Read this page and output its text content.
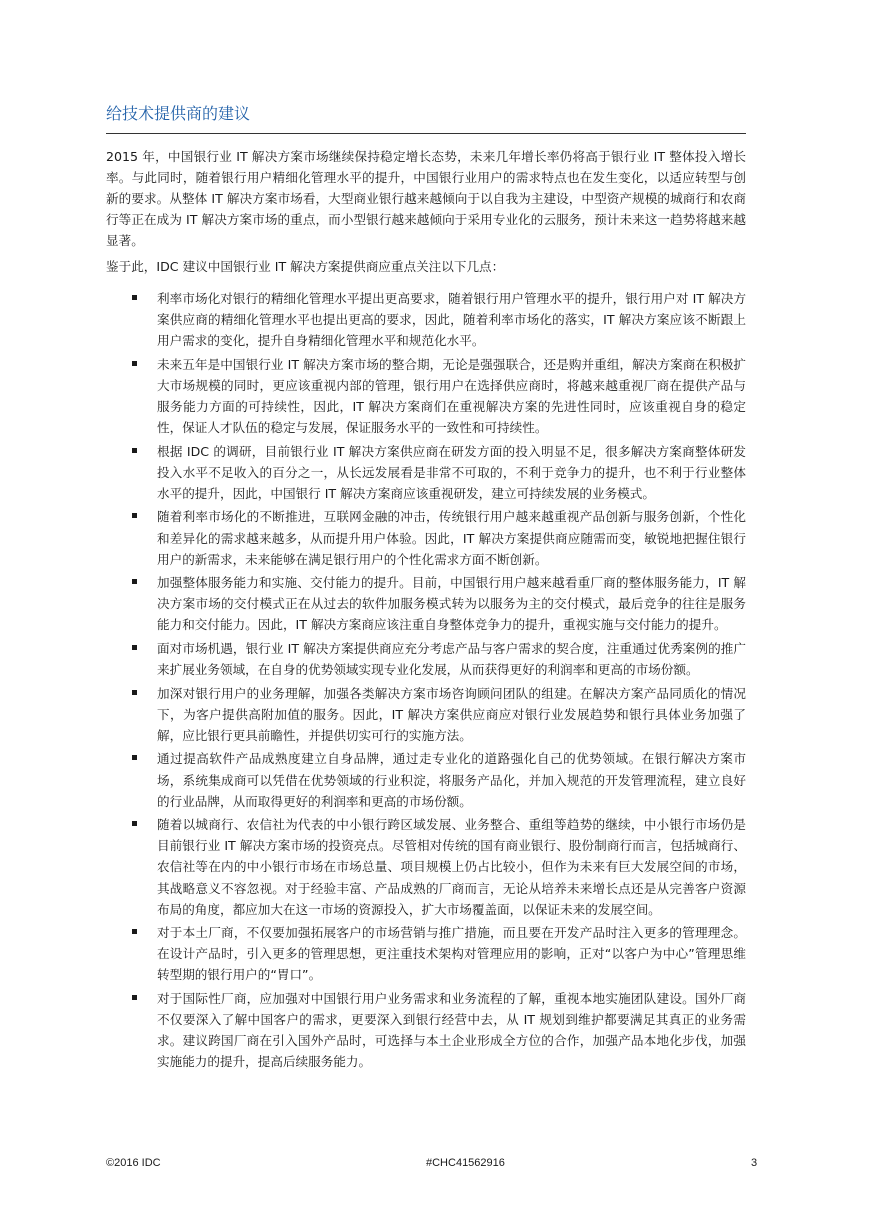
给技术提供商的建议

2015 年，中国银行业 IT 解决方案市场继续保持稳定增长态势，未来几年增长率仍将高于银行业 IT 整体投入增长率。与此同时，随着银行用户精细化管理水平的提升，中国银行业用户的需求特点也在发生变化，以适应转型与创新的要求。从整体 IT 解决方案市场看，大型商业银行越来越倾向于以自我为主建设，中型资产规模的城商行和农商行等正在成为 IT 解决方案市场的重点，而小型银行越来越倾向于采用专业化的云服务，预计未来这一趋势将越来越显著。

鉴于此，IDC 建议中国银行业 IT 解决方案提供商应重点关注以下几点：

利率市场化对银行的精细化管理水平提出更高要求，随着银行用户管理水平的提升，银行用户对 IT 解决方案供应商的精细化管理水平也提出更高的要求，因此，随着利率市场化的落实，IT 解决方案应该不断跟上用户需求的变化，提升自身精细化管理水平和规范化水平。
未来五年是中国银行业 IT 解决方案市场的整合期，无论是强强联合，还是购并重组，解决方案商在积极扩大市场规模的同时，更应该重视内部的管理，银行用户在选择供应商时，将越来越重视厂商在提供产品与服务能力方面的可持续性，因此，IT 解决方案商们在重视解决方案的先进性同时，应该重视自身的稳定性，保证人才队伍的稳定与发展，保证服务水平的一致性和可持续性。
根据 IDC 的调研，目前银行业 IT 解决方案供应商在研发方面的投入明显不足，很多解决方案商整体研发投入水平不足收入的百分之一，从长远发展看是非常不可取的，不利于竞争力的提升，也不利于行业整体水平的提升，因此，中国银行 IT 解决方案商应该重视研发，建立可持续发展的业务模式。
随着利率市场化的不断推进，互联网金融的冲击，传统银行用户越来越重视产品创新与服务创新，个性化和差异化的需求越来越多，从而提升用户体验。因此，IT 解决方案提供商应随需而变，敏锐地把握住银行用户的新需求，未来能够在满足银行用户的个性化需求方面不断创新。
加强整体服务能力和实施、交付能力的提升。目前，中国银行用户越来越看重厂商的整体服务能力，IT 解决方案市场的交付模式正在从过去的软件加服务模式转为以服务为主的交付模式，最后竞争的往往是服务能力和交付能力。因此，IT 解决方案商应该注重自身整体竞争力的提升，重视实施与交付能力的提升。
面对市场机遇，银行业 IT 解决方案提供商应充分考虑产品与客户需求的契合度，注重通过优秀案例的推广来扩展业务领域，在自身的优势领域实现专业化发展，从而获得更好的利润率和更高的市场份额。
加深对银行用户的业务理解，加强各类解决方案市场咨询顾问团队的组建。在解决方案产品同质化的情况下，为客户提供高附加值的服务。因此，IT 解决方案供应商应对银行业发展趋势和银行具体业务加强了解，应比银行更具前瞻性，并提供切实可行的实施方法。
通过提高软件产品成熟度建立自身品牌，通过走专业化的道路强化自己的优势领域。在银行解决方案市场，系统集成商可以凭借在优势领域的行业积淀，将服务产品化，并加入规范的开发管理流程，建立良好的行业品牌，从而取得更好的利润率和更高的市场份额。
随着以城商行、农信社为代表的中小银行跨区域发展、业务整合、重组等趋势的继续，中小银行市场仍是目前银行业 IT 解决方案市场的投资亮点。尽管相对传统的国有商业银行、股份制商行而言，包括城商行、农信社等在内的中小银行市场在市场总量、项目规模上仍占比较小，但作为未来有巨大发展空间的市场，其战略意义不容忽视。对于经验丰富、产品成熟的厂商而言，无论从培养未来增长点还是从完善客户资源布局的角度，都应加大在这一市场的资源投入，扩大市场覆盖面，以保证未来的发展空间。
对于本土厂商，不仅要加强拓展客户的市场营销与推广措施，而且要在开发产品时注入更多的管理理念。在设计产品时，引入更多的管理思想，更注重技术架构对管理应用的影响，正对“以客户为中心”管理思维转型期的银行用户的“胃口”。
对于国际性厂商，应加强对中国银行用户业务需求和业务流程的了解，重视本地实施团队建设。国外厂商不仅要深入了解中国客户的需求，更要深入到银行经营中去，从 IT 规划到维护都要满足其真正的业务需求。建议跨国厂商在引入国外产品时，可选择与本土企业形成全方位的合作，加强产品本地化步伐，加强实施能力的提升，提高后续服务能力。
©2016 IDC	#CHC41562916	3
